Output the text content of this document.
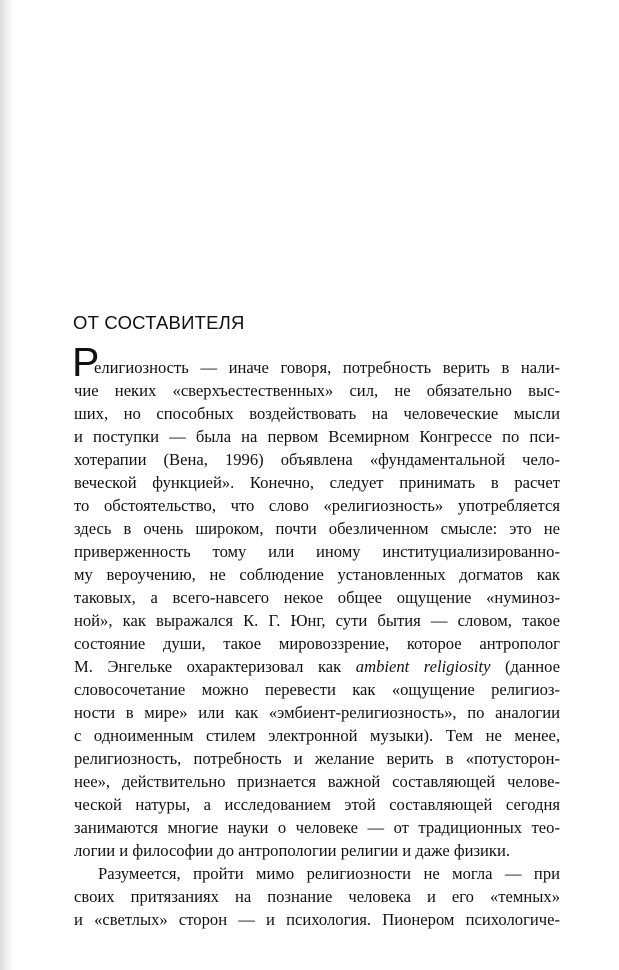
ОТ СОСТАВИТЕЛЯ
Р
елигиозность — иначе говоря, потребность верить в нали-
чие неких «сверхъестественных» сил, не обязательно выс-
ших, но способных воздействовать на человеческие мысли
и поступки — была на первом Всемирном Конгрессе по пси-
хотерапии (Вена, 1996) объявлена «фундаментальной чело-
веческой функцией». Конечно, следует принимать в расчет
то обстоятельство, что слово «религиозность» употребляется
здесь в очень широком, почти обезличенном смысле: это не
приверженность тому или иному институциализированно-
му вероучению, не соблюдение установленных догматов как
таковых, а всего-навсего некое общее ощущение «нуминоз-
ной», как выражался К. Г. Юнг, сути бытия — словом, такое
состояние души, такое мировоззрение, которое антрополог
М. Энгельке охарактеризовал как ambient religiosity (данное
словосочетание можно перевести как «ощущение религиоз-
ности в мире» или как «эмбиент-религиозность», по аналогии
с одноименным стилем электронной музыки). Тем не менее,
религиозность, потребность и желание верить в «потусторон-
нее», действительно признается важной составляющей челове-
ческой натуры, а исследованием этой составляющей сегодня
занимаются многие науки о человеке — от традиционных тео-
логии и философии до антропологии религии и даже физики.
Разумеется, пройти мимо религиозности не могла — при
своих притязаниях на познание человека и его «темных»
и «светлых» сторон — и психология. Пионером психологиче-
